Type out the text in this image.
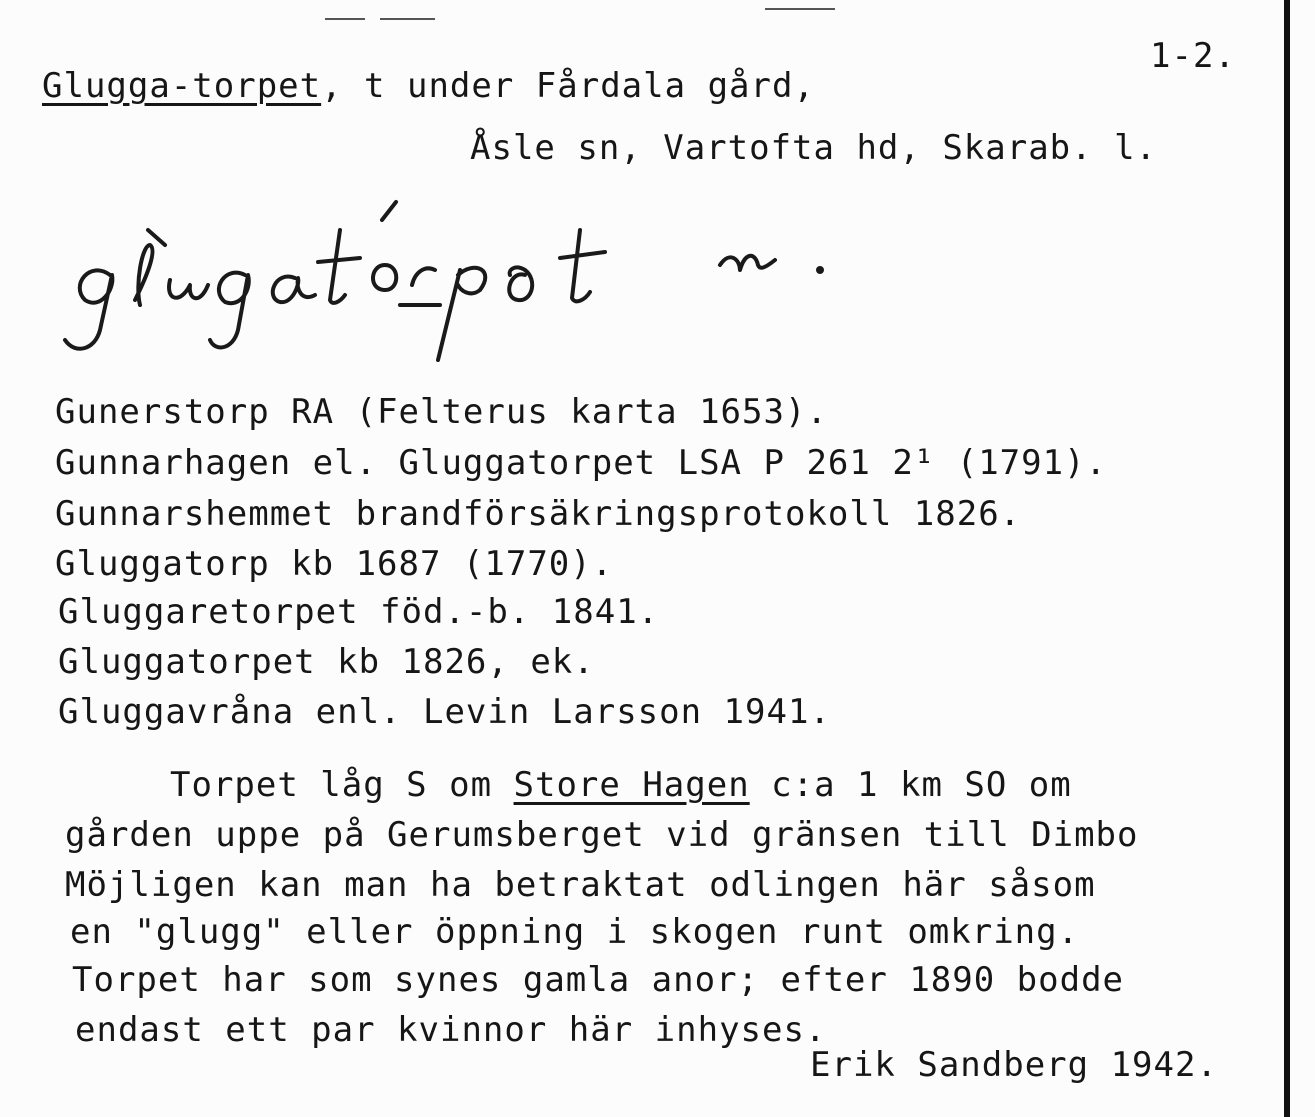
Glugga-torpet, t under Fårdala gård,
1-2.
Åsle sn, Vartofta hd, Skarab. l.
Gunerstorp RA (Felterus karta 1653).
Gunnarhagen el. Gluggatorpet LSA P 261 2¹ (1791).
Gunnarshemmet brandförsäkringsprotokoll 1826.
Gluggatorp kb 1687 (1770).
Gluggaretorpet föd.-b. 1841.
Gluggatorpet kb 1826, ek.
Gluggavråna enl. Levin Larsson 1941.
Torpet låg S om Store Hagen c:a 1 km SO om
gården uppe på Gerumsberget vid gränsen till Dimbo
Möjligen kan man ha betraktat odlingen här såsom
en "glugg" eller öppning i skogen runt omkring.
Torpet har som synes gamla anor; efter 1890 bodde
endast ett par kvinnor här inhyses.
Erik Sandberg 1942.
